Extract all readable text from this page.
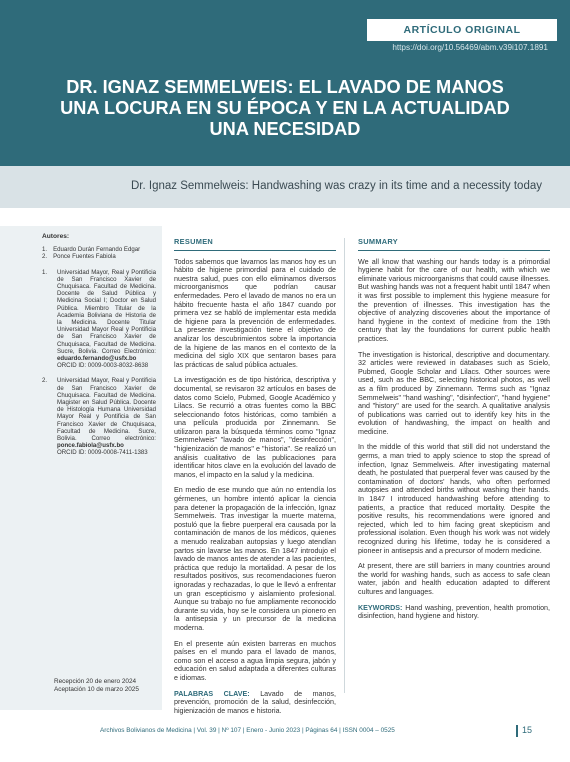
ARTÍCULO ORIGINAL
https://doi.org/10.56469/abm.v39i107.1891
DR. IGNAZ SEMMELWEIS: EL LAVADO DE MANOS
UNA LOCURA EN SU ÉPOCA Y EN LA ACTUALIDAD
UNA NECESIDAD
Dr. Ignaz Semmelweis: Handwashing was crazy in its time and a necessity today
Autores:
1. Eduardo Durán Fernando Edgar
2. Ponce Fuentes Fabiola
1.	Universidad Mayor, Real y Pontificia de San Francisco Xavier de Chuquisaca. Facultad de Medicina. Docente de Salud Pública y Medicina Social I; Doctor en Salud Pública. Miembro Titular de la Academia Boliviana de Historia de la Medicina. Docente Titular Universidad Mayor Real y Pontificia de San Francisco Xavier de Chuquisaca, Facultad de Medicina. Sucre, Bolivia. Correo Electrónico: eduardo.fernando@usfx.bo
ORCID ID: 0009-0003-8032-8638
2.	Universidad Mayor, Real y Pontificia de San Francisco Xavier de Chuquisaca. Facultad de Medicina. Magister en Salud Pública. Docente de Histología Humana Universidad Mayor Real y Pontificia de San Francisco Xavier de Chuquisaca, Facultad de Medicina. Sucre, Bolivia. Correo electrónico: ponce.fabiola@usfx.bo
ORCID ID: 0009-0008-7411-1383
Recepción 20 de enero 2024
Aceptación 10 de marzo 2025
RESUMEN

Todos sabemos que lavarnos las manos hoy es un hábito de higiene primordial para el cuidado de nuestra salud, pues con ello eliminamos diversos microorganismos que podrían causar enfermedades. Pero el lavado de manos no era un hábito frecuente hasta el año 1847 cuando por primera vez se habló de implementar esta medida de higiene para la prevención de enfermedades. La presente investigación tiene el objetivo de analizar los descubrimientos sobre la importancia de la higiene de las manos en el contexto de la medicina del siglo XIX que sentaron bases para las prácticas de salud pública actuales.

La investigación es de tipo histórica, descriptiva y documental, se revisaron 32 artículos en bases de datos como Scielo, Pubmed, Google Académico y Lilacs. Se recurrió a otras fuentes como la BBC seleccionando fotos históricas, como también a una película producida por Zinnemann. Se utilizaron para la búsqueda términos como "Ignaz Semmelweis" "lavado de manos", "desinfección", "higienización de manos" e "historia". Se realizó un análisis cualitativo de las publicaciones para identificar hitos clave en la evolución del lavado de manos, el impacto en la salud y la medicina.

En medio de ese mundo que aún no entendía los gérmenes, un hombre intentó aplicar la ciencia para detener la propagación de la infección, Ignaz Semmelweis. Tras investigar la muerte materna, postuló que la fiebre puerperal era causada por la contaminación de manos de los médicos, quienes a menudo realizaban autopsias y luego atendían partos sin lavarse las manos. En 1847 introdujo el lavado de manos antes de atender a las pacientes, práctica que redujo la mortalidad. A pesar de los resultados positivos, sus recomendaciones fueron ignoradas y rechazadas, lo que le llevó a enfrentar un gran escepticismo y aislamiento profesional. Aunque su trabajo no fue ampliamente reconocido durante su vida, hoy se le considera un pionero en la antisepsia y un precursor de la medicina moderna.

En el presente aún existen barreras en muchos países en el mundo para el lavado de manos, como son el acceso a agua limpia segura, jabón y educación en salud adaptada a diferentes culturas e idiomas.

PALABRAS CLAVE: Lavado de manos, prevención, promoción de la salud, desinfección, higienización de manos e historia.

SUMMARY

We all know that washing our hands today is a primordial hygiene habit for the care of our health, with which we eliminate various microorganisms that could cause illnesses. But washing hands was not a frequent habit until 1847 when it was first possible to implement this hygiene measure for the prevention of illnesses. This investigation has the objective of analyzing discoveries about the importance of hand hygiene in the context of medicine from the 19th century that lay the foundations for current public health practices.

The investigation is historical, descriptive and documentary. 32 articles were reviewed in databases such as Scielo, Pubmed, Google Scholar and Lilacs. Other sources were used, such as the BBC, selecting historical photos, as well as a film produced by Zinnemann. Terms such as "Ignaz Semmelweis" "hand washing", "disinfection", "hand hygiene" and "history" are used for the search. A qualitative analysis of publications was carried out to identify key hits in the evolution of handwashing, the impact on health and medicine.

In the middle of this world that still did not understand the germs, a man tried to apply science to stop the spread of infection, Ignaz Semmelweis. After investigating maternal death, he postulated that puerperal fever was caused by the contamination of doctors' hands, who often performed autopsies and attended births without washing their hands. In 1847 I introduced handwashing before attending to patients, a practice that reduced mortality. Despite the positive results, his recommendations were ignored and rejected, which led to him facing great skepticism and professional isolation. Even though his work was not widely recognized during his lifetime, today he is considered a pioneer in antisepsis and a precursor of modern medicine.

At present, there are still barriers in many countries around the world for washing hands, such as access to safe clean water, jabón and health education adapted to different cultures and languages.

KEYWORDS: Hand washing, prevention, health promotion, disinfection, hand hygiene and history.

Archivos Bolivianos de Medicina | Vol. 39 | Nº 107 | Enero - Junio 2023 | Páginas 64 | ISSN 0004 – 0525	15
